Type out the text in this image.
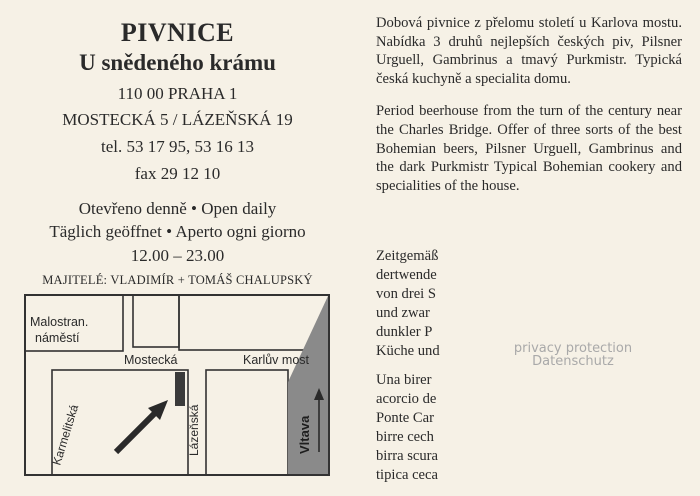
PIVNICE
U snědeného krámu
110 00 PRAHA 1
MOSTECKÁ 5 / LÁZEŇSKÁ 19
tel. 53 17 95, 53 16 13
fax 29 12 10
Otevřeno denně • Open daily
Täglich geöffnet • Aperto ogni giorno
12.00 – 23.00
MAJITELÉ: VLADIMÍR + TOMÁŠ CHALUPSKÝ
Malostran.
náměstí
Mostecká	Karlův most
Karmelitská	Lázeňská	Vltava

Dobová pivnice z přelomu století u Karlova mostu. Nabídka 3 druhů nejlepších českých piv, Pilsner Urguell, Gambrinus a tmavý Purkmistr. Typická česká kuchyně a specialita domu.

Period beerhouse from the turn of the century near the Charles Bridge. Offer of three sorts of the best Bohemian beers, Pilsner Urguell, Gambrinus and the dark Purkmistr Typical Bohemian cookery and specialities of the house.

Zeitgemäß
dertwende
von drei S
und zwar
dunkler P
Küche und
Una birer
acorcio de
Ponte Car
birre cech
birra scura
tipica ceca
privacy protection
Datenschutz
